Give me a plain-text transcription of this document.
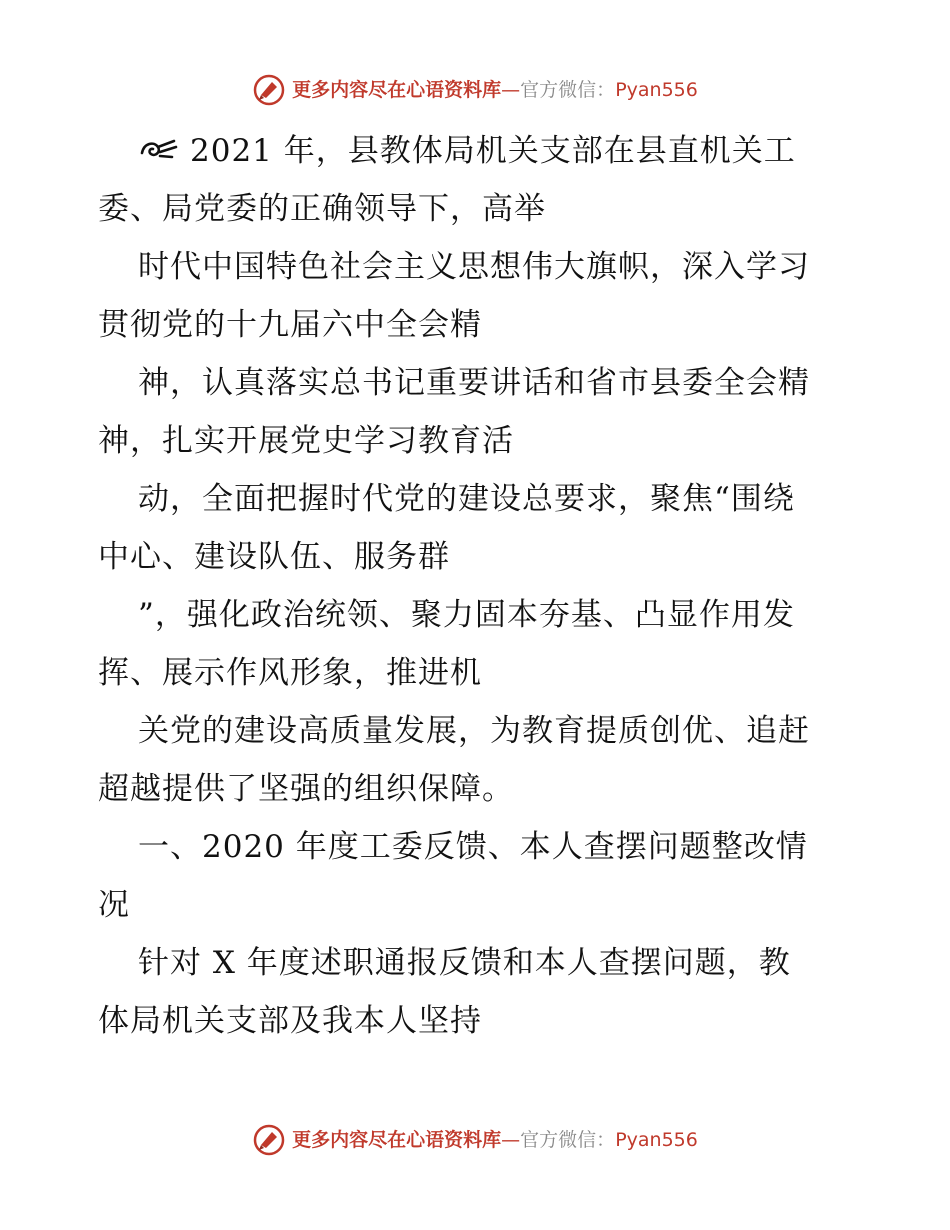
更多内容尽在心语资料库—官方微信：Pyan556
2021 年，县教体局机关支部在县直机关工
委、局党委的正确领导下，高举
时代中国特色社会主义思想伟大旗帜，深入学习
贯彻党的十九届六中全会精
神，认真落实总书记重要讲话和省市县委全会精
神，扎实开展党史学习教育活
动，全面把握时代党的建设总要求，聚焦“围绕
中心、建设队伍、服务群
”，强化政治统领、聚力固本夯基、凸显作用发
挥、展示作风形象，推进机
关党的建设高质量发展，为教育提质创优、追赶
超越提供了坚强的组织保障。
一、2020 年度工委反馈、本人查摆问题整改情
况
针对 X 年度述职通报反馈和本人查摆问题，教
体局机关支部及我本人坚持
更多内容尽在心语资料库—官方微信：Pyan556
